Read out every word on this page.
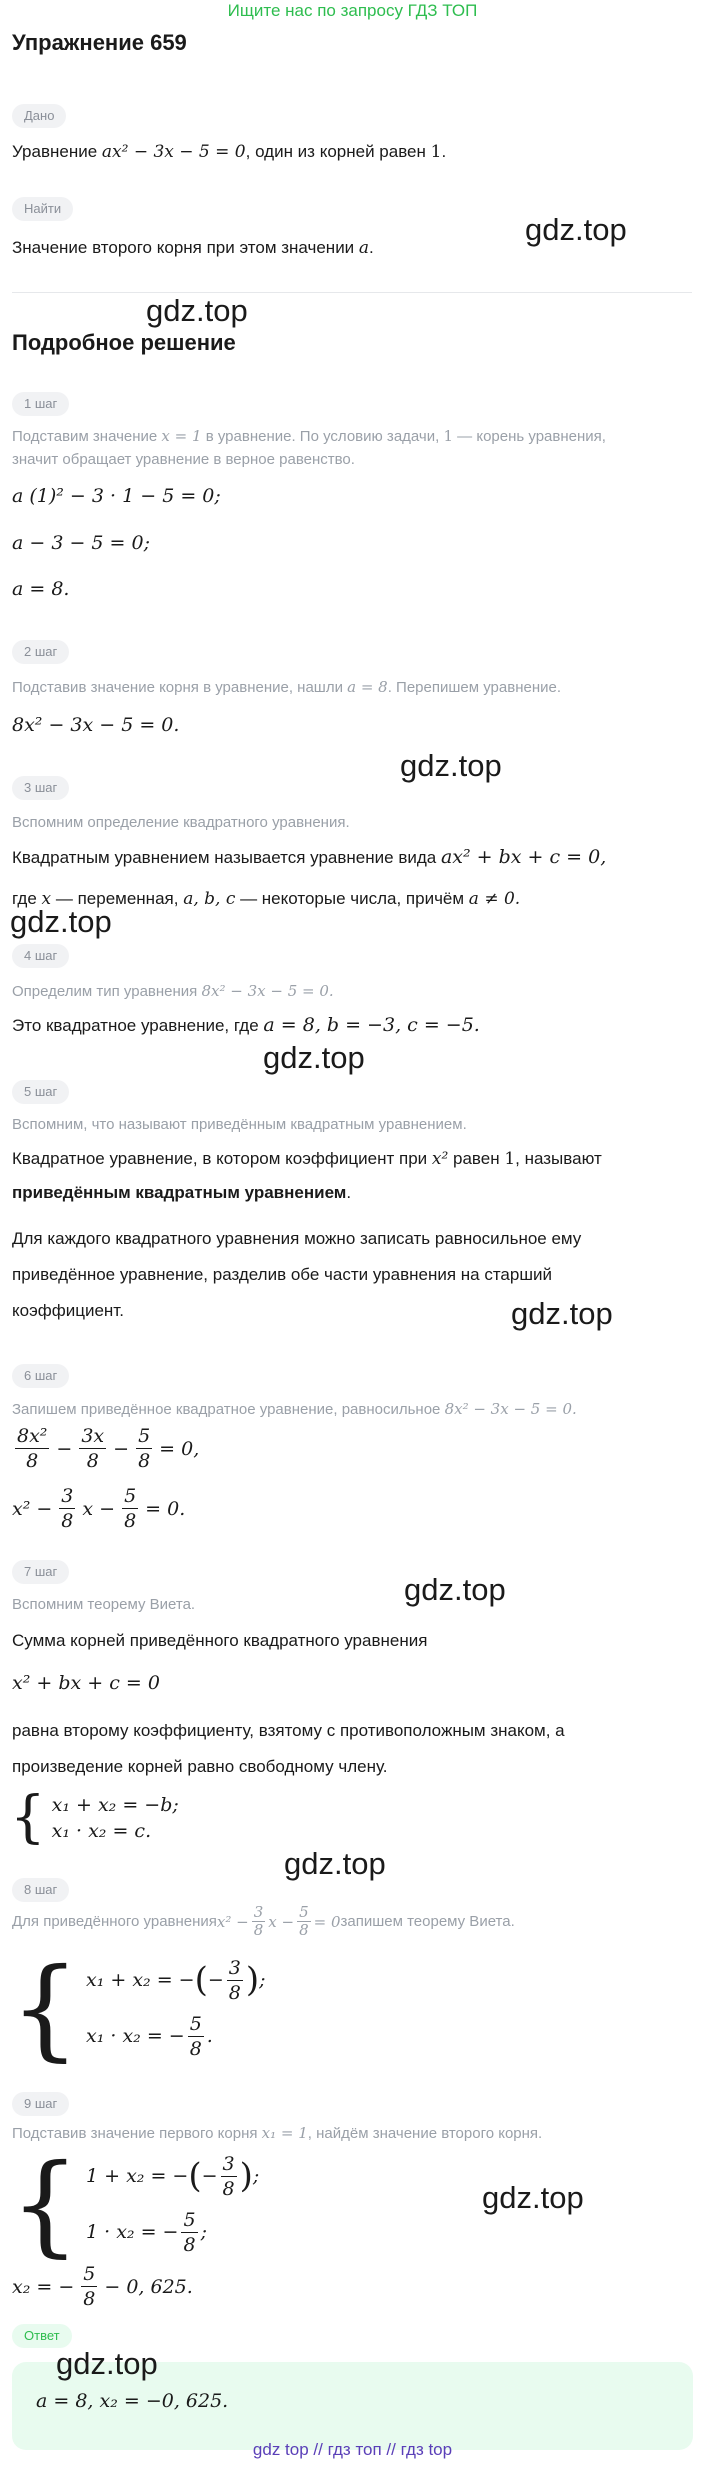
Ищите нас по запросу ГДЗ ТОП
Упражнение 659
Дано
Уравнение ax² − 3x − 5 = 0, один из корней равен 1.
Найти
Значение второго корня при этом значении a.
gdz.top
gdz.top
Подробное решение
1 шаг
Подставим значение x = 1 в уравнение. По условию задачи, 1 — корень уравнения,
значит обращает уравнение в верное равенство.
a (1)² − 3 · 1 − 5 = 0;
a − 3 − 5 = 0;
a = 8.
2 шаг
Подставив значение корня в уравнение, нашли a = 8. Перепишем уравнение.
8x² − 3x − 5 = 0.
gdz.top
3 шаг
Вспомним определение квадратного уравнения.
Квадратным уравнением называется уравнение вида ax² + bx + c = 0,
где x — переменная, a, b, c — некоторые числа, причём a ≠ 0.
gdz.top
4 шаг
Определим тип уравнения 8x² − 3x − 5 = 0.
Это квадратное уравнение, где a = 8, b = −3, c = −5.
gdz.top
5 шаг
Вспомним, что называют приведённым квадратным уравнением.
Квадратное уравнение, в котором коэффициент при x² равен 1, называют
приведённым квадратным уравнением.
Для каждого квадратного уравнения можно записать равносильное ему
приведённое уравнение, разделив обе части уравнения на старший
коэффициент.	gdz.top
6 шаг
Запишем приведённое квадратное уравнение, равносильное 8x² − 3x − 5 = 0.
$\frac{\text{8x²}}{8} - \frac{3x}{8} - \frac{5}{8} = 0$,
$x^2 - \frac{3}{8}$ $x - \frac{5}{8} = 0$.
7 шаг
gdz.top
Вспомним теорему Виета.
Сумма корней приведённого квадратного уравнения
x² + bx + c = 0
равна второму коэффициенту, взятому с противоположным знаком, а
произведение корней равно свободному члену.
{ x₁ + x₂ = −b;
x₁ · x₂ = c.
gdz.top
8 шаг
Для приведённого уравнения $x^2 - \frac{3}{8}$ $x - \frac{5}{8} = 0$ запишем теорему Виета.
{ x₁ + x₂ = − ( − $\frac{3}{8}$ ) ;
x₁ · x₂ = − $\frac{5}{8}$ .
9 шаг
Подставив значение первого корня x₁ = 1, найдём значение второго корня.
{ 1 + x₂ = − ( − $\frac{3}{8}$ ) ;
1 · x₂ = − $\frac{5}{8}$ ;
gdz.top
x₂ = − $\frac{5}{8} - 0$, 625.
Ответ
gdz.top
a = 8, x₂ = −0, 625.
gdz top // гдз топ // гдз top
